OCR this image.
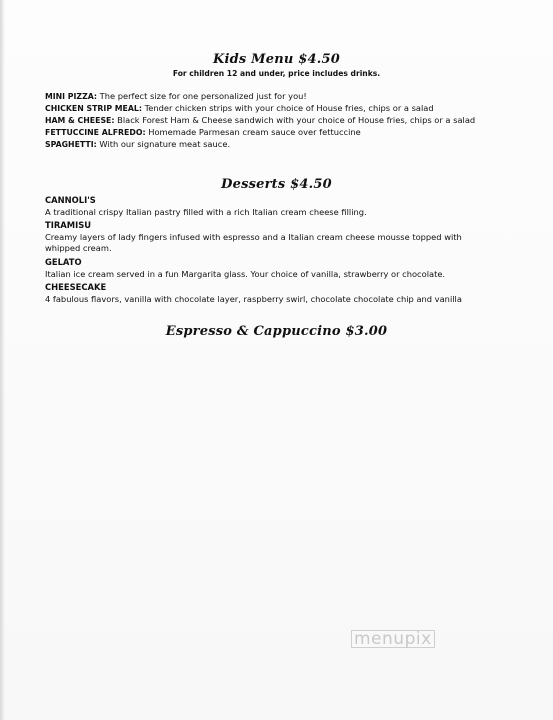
Kids Menu $4.50
For children 12 and under, price includes drinks.
MINI PIZZA: The perfect size for one personalized just for you!
CHICKEN STRIP MEAL: Tender chicken strips with your choice of House fries, chips or a salad
HAM & CHEESE: Black Forest Ham & Cheese sandwich with your choice of House fries, chips or a salad
FETTUCCINE ALFREDO: Homemade Parmesan cream sauce over fettuccine
SPAGHETTI: With our signature meat sauce.
Desserts $4.50
CANNOLI'S
A traditional crispy Italian pastry filled with a rich Italian cream cheese filling.
TIRAMISU
Creamy layers of lady fingers infused with espresso and a Italian cream cheese mousse topped with whipped cream.
GELATO
Italian ice cream served in a fun Margarita glass. Your choice of vanilla, strawberry or chocolate.
CHEESECAKE
4 fabulous flavors, vanilla with chocolate layer, raspberry swirl, chocolate chocolate chip and vanilla
Espresso & Cappuccino $3.00
menupix
